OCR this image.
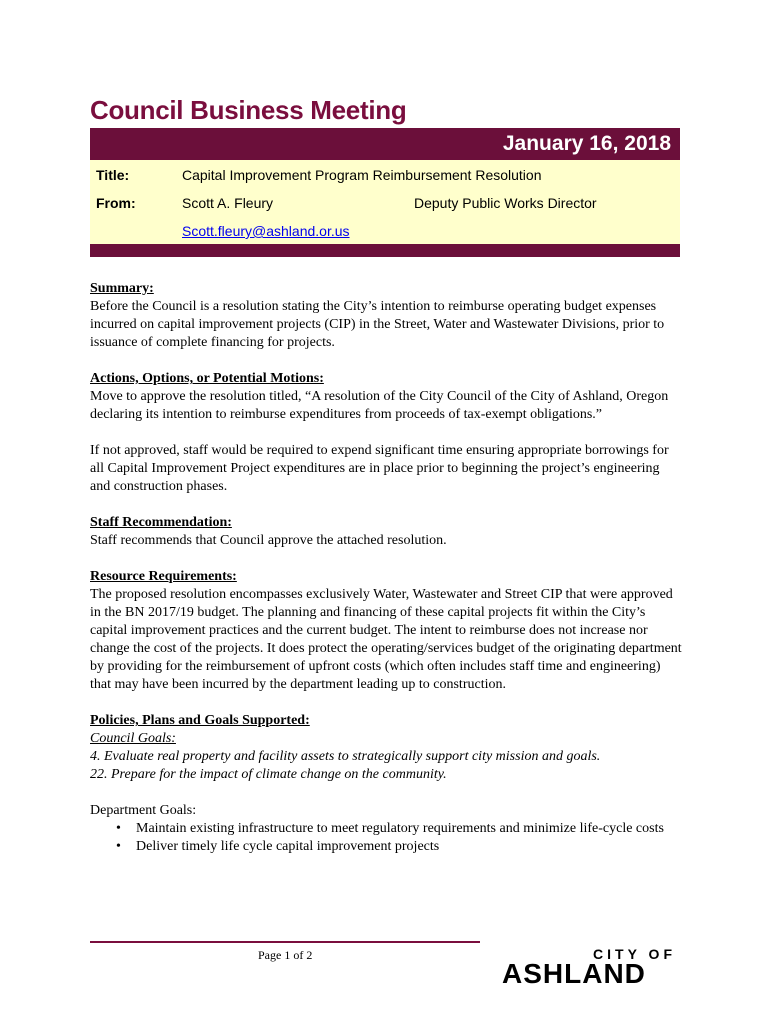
Council Business Meeting
January 16, 2018
Title:	Capital Improvement Program Reimbursement Resolution
From:	Scott A. Fleury	Deputy Public Works Director
Scott.fleury@ashland.or.us

Summary:

Before the Council is a resolution stating the City’s intention to reimburse operating budget expenses incurred on capital improvement projects (CIP) in the Street, Water and Wastewater Divisions, prior to issuance of complete financing for projects.

Actions, Options, or Potential Motions:

Move to approve the resolution titled, “A resolution of the City Council of the City of Ashland, Oregon declaring its intention to reimburse expenditures from proceeds of tax-exempt obligations.”

If not approved, staff would be required to expend significant time ensuring appropriate borrowings for all Capital Improvement Project expenditures are in place prior to beginning the project’s engineering and construction phases.

Staff Recommendation:

Staff recommends that Council approve the attached resolution.

Resource Requirements:

The proposed resolution encompasses exclusively Water, Wastewater and Street CIP that were approved in the BN 2017/19 budget. The planning and financing of these capital projects fit within the City’s capital improvement practices and the current budget. The intent to reimburse does not increase nor change the cost of the projects. It does protect the operating/services budget of the originating department by providing for the reimbursement of upfront costs (which often includes staff time and engineering) that may have been incurred by the department leading up to construction.

Policies, Plans and Goals Supported:

Council Goals:

4. Evaluate real property and facility assets to strategically support city mission and goals.

22. Prepare for the impact of climate change on the community.

Department Goals:

• Maintain existing infrastructure to meet regulatory requirements and minimize life-cycle costs
• Deliver timely life cycle capital improvement projects
Page 1 of 2	CITY OF
ASHLAND
